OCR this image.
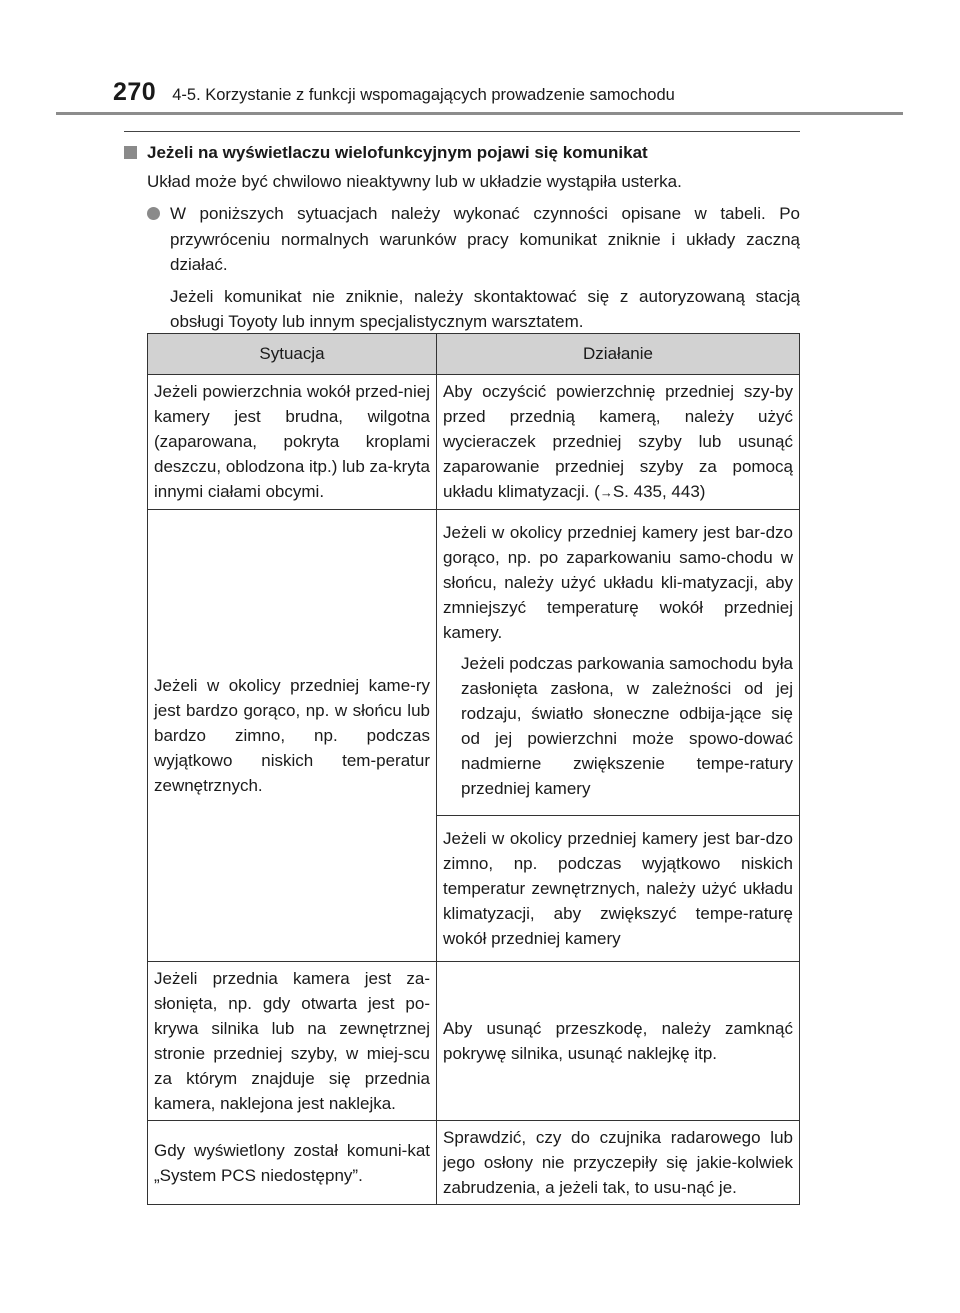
270 4-5. Korzystanie z funkcji wspomagających prowadzenie samochodu
Jeżeli na wyświetlaczu wielofunkcyjnym pojawi się komunikat
Układ może być chwilowo nieaktywny lub w układzie wystąpiła usterka.
W poniższych sytuacjach należy wykonać czynności opisane w tabeli. Po przywróceniu normalnych warunków pracy komunikat zniknie i układy zaczną działać.
Jeżeli komunikat nie zniknie, należy skontaktować się z autoryzowaną stacją obsługi Toyoty lub innym specjalistycznym warsztatem.
Sytuacja	Działanie
Jeżeli powierzchnia wokół przed-niej kamery jest brudna, wilgotna (zaparowana, pokryta kroplami deszczu, oblodzona itp.) lub za-kryta innymi ciałami obcymi.	Aby oczyścić powierzchnię przedniej szy-by przed przednią kamerą, należy użyć wycieraczek przedniej szyby lub usunąć zaparowanie przedniej szyby za pomocą układu klimatyzacji. (→S. 435, 443)
Jeżeli w okolicy przedniej kame-ry jest bardzo gorąco, np. w słońcu lub bardzo zimno, np. podczas wyjątkowo niskich tem-peratur zewnętrznych.	Jeżeli w okolicy przedniej kamery jest bar-dzo gorąco, np. po zaparkowaniu samo-chodu w słońcu, należy użyć układu kli-matyzacji, aby zmniejszyć temperaturę wokół przedniej kamery.
Jeżeli podczas parkowania samochodu była zasłonięta zasłona, w zależności od jej rodzaju, światło słoneczne odbija-jące się od jej powierzchni może spowo-dować nadmierne zwiększenie tempe-ratury przedniej kamery

	Jeżeli w okolicy przedniej kamery jest bar-dzo zimno, np. podczas wyjątkowo niskich temperatur zewnętrznych, należy użyć układu klimatyzacji, aby zwiększyć tempe-raturę wokół przedniej kamery
Jeżeli przednia kamera jest za-słonięta, np. gdy otwarta jest po-krywa silnika lub na zewnętrznej stronie przedniej szyby, w miej-scu za którym znajduje się przednia kamera, naklejona jest naklejka.	Aby usunąć przeszkodę, należy zamknąć pokrywę silnika, usunąć naklejkę itp.
Gdy wyświetlony został komuni-kat „System PCS niedostępny”.	Sprawdzić, czy do czujnika radarowego lub jego osłony nie przyczepiły się jakie-kolwiek zabrudzenia, a jeżeli tak, to usu-nąć je.
